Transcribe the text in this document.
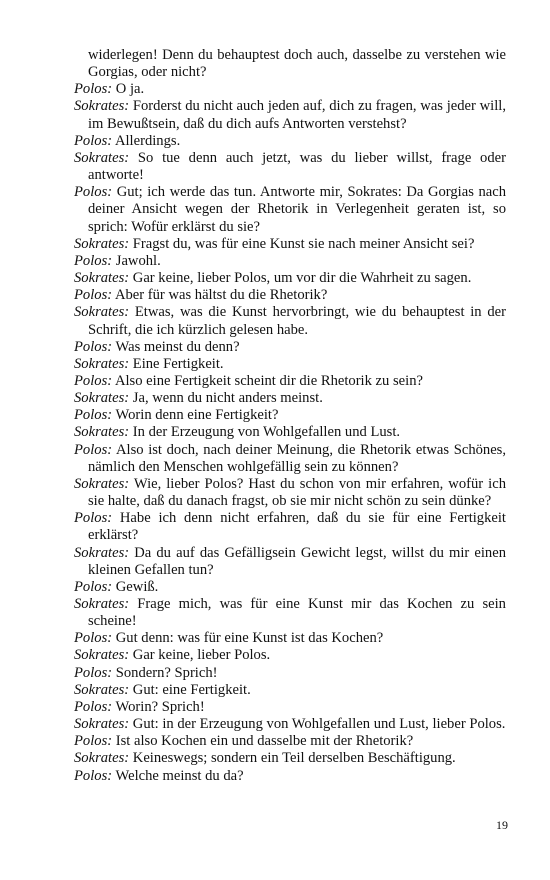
widerlegen! Denn du behauptest doch auch, dasselbe zu verstehen wie Gorgias, oder nicht?

Polos: O ja.

Sokrates: Forderst du nicht auch jeden auf, dich zu fragen, was jeder will, im Bewußtsein, daß du dich aufs Antworten verstehst?

Polos: Allerdings.

Sokrates: So tue denn auch jetzt, was du lieber willst, frage oder antworte!

Polos: Gut; ich werde das tun. Antworte mir, Sokrates: Da Gorgias nach deiner Ansicht wegen der Rhetorik in Verlegenheit geraten ist, so sprich: Wofür erklärst du sie?

Sokrates: Fragst du, was für eine Kunst sie nach meiner Ansicht sei?

Polos: Jawohl.

Sokrates: Gar keine, lieber Polos, um vor dir die Wahrheit zu sagen.

Polos: Aber für was hältst du die Rhetorik?

Sokrates: Etwas, was die Kunst hervorbringt, wie du behauptest in der Schrift, die ich kürzlich gelesen habe.

Polos: Was meinst du denn?

Sokrates: Eine Fertigkeit.

Polos: Also eine Fertigkeit scheint dir die Rhetorik zu sein?

Sokrates: Ja, wenn du nicht anders meinst.

Polos: Worin denn eine Fertigkeit?

Sokrates: In der Erzeugung von Wohlgefallen und Lust.

Polos: Also ist doch, nach deiner Meinung, die Rhetorik etwas Schönes, nämlich den Menschen wohlgefällig sein zu können?

Sokrates: Wie, lieber Polos? Hast du schon von mir erfahren, wofür ich sie halte, daß du danach fragst, ob sie mir nicht schön zu sein dünke?

Polos: Habe ich denn nicht erfahren, daß du sie für eine Fertigkeit erklärst?

Sokrates: Da du auf das Gefälligsein Gewicht legst, willst du mir einen kleinen Gefallen tun?

Polos: Gewiß.

Sokrates: Frage mich, was für eine Kunst mir das Kochen zu sein scheine!

Polos: Gut denn: was für eine Kunst ist das Kochen?

Sokrates: Gar keine, lieber Polos.

Polos: Sondern? Sprich!

Sokrates: Gut: eine Fertigkeit.

Polos: Worin? Sprich!

Sokrates: Gut: in der Erzeugung von Wohlgefallen und Lust, lieber Polos.

Polos: Ist also Kochen ein und dasselbe mit der Rhetorik?

Sokrates: Keineswegs; sondern ein Teil derselben Beschäftigung.

Polos: Welche meinst du da?

19
